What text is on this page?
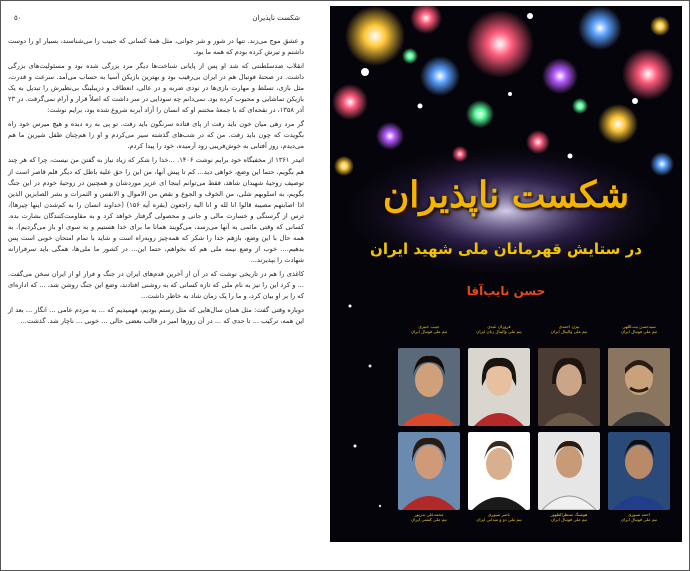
٥٠	شکست ناپذیران

و عشق موج می‌زند. تنها در شور و شر جوانی، مثل همهٔ کسانی که حبیب را می‌شناسند، بسیار او را دوست داشتم و تیرش کرده بودم که همه ما بود.

انقلاب ضدسلطنتی که شد او پس از پایانی شناخت‌ها دیگر مرد بزرگی شده بود و مسئولیت‌های بزرگی داشت. در صحنهٔ فوتبال هم در ایران بی‌رقیب بود و بهترین بازیکن آسیا به حساب می‌آمد. سرعت و قدرت، مثل بازی، تسلط و مهارت بازی‌ها در نودی ضربه و در عالی، انعطاف و دریبلینگ بی‌نظیرش را تبدیل به یک بازیکن تماشایی و محبوب کرده بود. نمی‌دانم چه سودایی در سر داشت که اصلاً قرار و آرام نمی‌گرفت. در ۲۳ آذر ۱۳۵۸، در نفحه‌ای که با جمعهٔ مختنم او که انسان را آزاد آبرنه شروع شده بود، برایم نوشت:

گر مرد رهی میان خون باید رفت از پای فتاده سرنگون باید رفت. تو پی به ره دیده و هیچ میرس خود راه بگویدت که چون باید رفت. من که در شب‌های گذشته سیر می‌کردم و او را هم‌چنان طفل شیرین ما هم می‌دیدم، روز آفتابی به خوش‌فریبی رود آرمیده، خود را پیدا کردم.

اتیدر ۱۳۶۱ از مخفیگاه خود برایم نوشت ۱۴۰۶. ...خدا را شکر که زیاد نیاز به گفتن من نیست، چرا که هر چند هم بگویم، حتما این وضع، خواهی دید... کم تا پیش آنها، من این را حق علیه باطل که دیگر قلم قاصر است از توصیف روحیهٔ شهیدان شاهد، فقط می‌توانم اینجا ای عزیز موردشان و همچنین در روحیهٔ خودم در این جنگ بگویم، به اسلوبهم شلی، من الخوف و الجوع و نقص من الاموال و الانفس و الثمرات و بشر الصابرین الذین اذا اصابتهم مصیبه قالوا انا لله و انا الیه راجعون (بقره آیه ۱۵۶) (خداوند انسان را به کم‌شدن اینها چیزها)، ترس از گرسنگی و خسارت مالی و جانی و محصولی گرفتار خواهد کرد و به مقاومت‌کنندگان بشارت بده. کسانی که وقتی مائمی به آنها می‌رسد، می‌گویند همانا ما برای خدا هستیم و به سوی او باز می‌گردیم). به همه حال با این وضع، بازهم خدا را شکر که همه‌چیز روبه‌راه است و شاید با تمام امتحان خوبی است پس بدهیم.... خوب از وضع نیمه ملی هم که بخواهم، حتما این... در کشور ما ملی‌ها، همگی باید سرفرازانه شهادت را بپذیرند...

کاغذی را هم در تاریخی نوشت که در آن از آخرین قدم‌های ایران در جنگ و فرار او از ایران سخن می‌گفت. ... و کرد این را نیز به نام ملی که تازه کسانی که به روشنی افتادند، وضع این جنگ روشن شد، ... که اداره‌ای که را بر او بیان کرد، و ما را یک زمان شاد به خاطر داشت...

دوباره وقتی گفت: مثل همان سال‌هایی که مثل رستم بودیم، فهمیدیم که ... به مردم عامی ... انگار ... بعد از این همه، ترکیب ... تا حدی که ... در آن روزها امیر در قالب بعضی حالی ... خوبی ... ناچار شد. گذشت...

شکست ناپذیران
در ستایش قهرمانان ملی شهید ایران
حسن نایب‌آقا
سیدحسن بیت‌اللهی
تیم ملی فوتبال ایران
بیژن احمدی
تیم ملی والیبال ایران
فروزان عبدی
تیم ملی والیبال زنان ایران
حبیب خبیری
تیم ملی فوتبال ایران
احمد صبوری
تیم ملی فوتبال ایران
هوشنگ منتظرالظهور
تیم ملی فوتبال ایران
ناصر صبوری
تیم ملی دو و میدانی ایران
محمدعلی بدرپور
تیم ملی کشتی ایران
